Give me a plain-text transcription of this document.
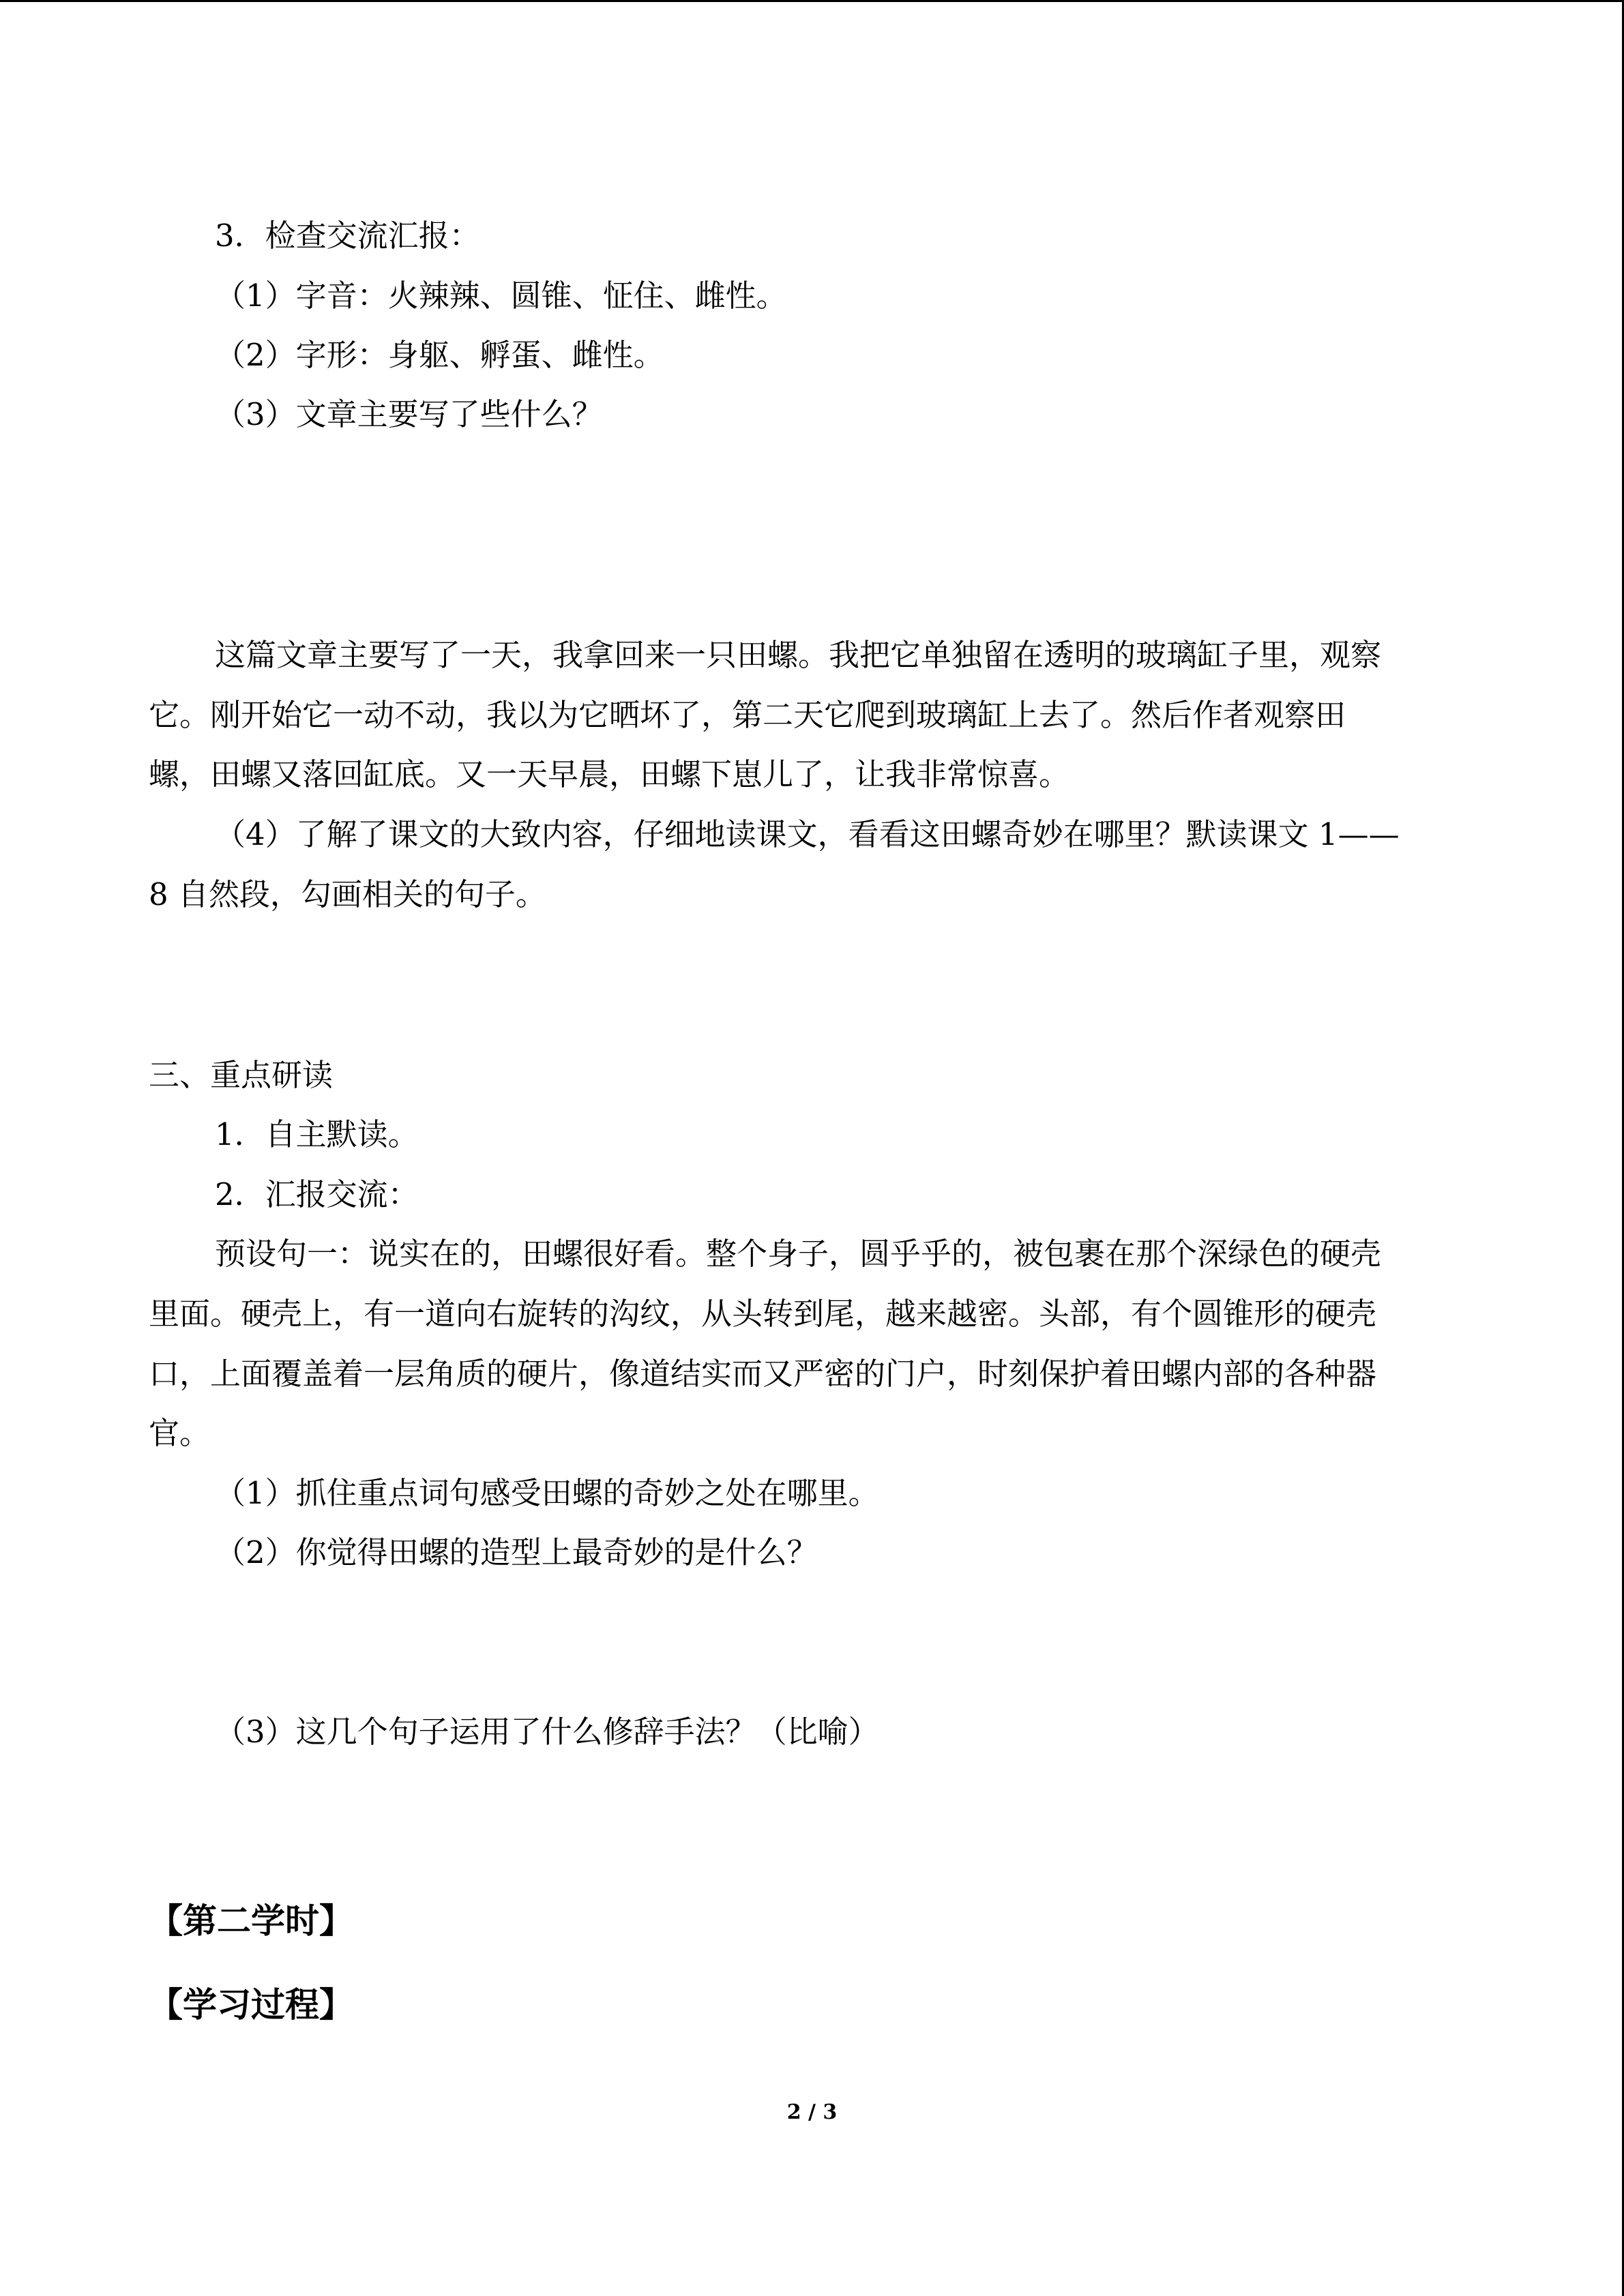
3．检查交流汇报：

（1）字音：火辣辣、圆锥、怔住、雌性。

（2）字形：身躯、孵蛋、雌性。

（3）文章主要写了些什么？

这篇文章主要写了一天，我拿回来一只田螺。我把它单独留在透明的玻璃缸子里，观察

它。刚开始它一动不动，我以为它晒坏了，第二天它爬到玻璃缸上去了。然后作者观察田

螺，田螺又落回缸底。又一天早晨，田螺下崽儿了，让我非常惊喜。

（4）了解了课文的大致内容，仔细地读课文，看看这田螺奇妙在哪里？默读课文 1——

8 自然段，勾画相关的句子。

三、重点研读

1．自主默读。

2．汇报交流：

预设句一：说实在的，田螺很好看。整个身子，圆乎乎的，被包裹在那个深绿色的硬壳

里面。硬壳上，有一道向右旋转的沟纹，从头转到尾，越来越密。头部，有个圆锥形的硬壳

口，上面覆盖着一层角质的硬片，像道结实而又严密的门户，时刻保护着田螺内部的各种器

官。

（1）抓住重点词句感受田螺的奇妙之处在哪里。

（2）你觉得田螺的造型上最奇妙的是什么？

（3）这几个句子运用了什么修辞手法？（比喻）

【第二学时】

【学习过程】

2 / 3
